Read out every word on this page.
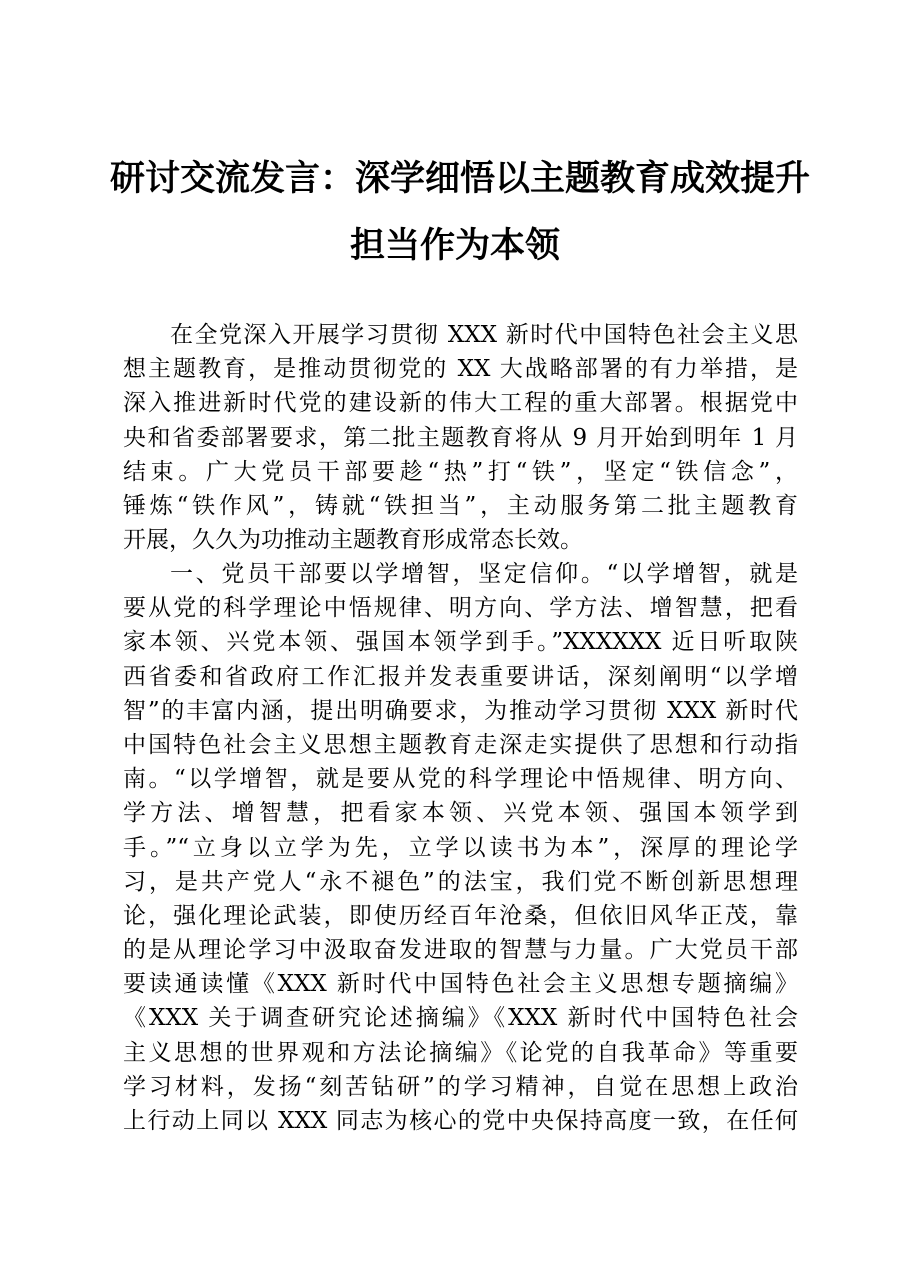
研讨交流发言：深学细悟以主题教育成效提升
担当作为本领
在全党深入开展学习贯彻 XXX 新时代中国特色社会主义思
想主题教育，是推动贯彻党的 XX 大战略部署的有力举措，是
深入推进新时代党的建设新的伟大工程的重大部署。根据党中
央和省委部署要求，第二批主题教育将从 9 月开始到明年 1 月
结束。广大党员干部要趁“热”打“铁”，坚定“铁信念”，
锤炼“铁作风”，铸就“铁担当”，主动服务第二批主题教育
开展，久久为功推动主题教育形成常态长效。
一、党员干部要以学增智，坚定信仰。“以学增智，就是
要从党的科学理论中悟规律、明方向、学方法、增智慧，把看
家本领、兴党本领、强国本领学到手。”XXXXXX 近日听取陕
西省委和省政府工作汇报并发表重要讲话，深刻阐明“以学增
智”的丰富内涵，提出明确要求，为推动学习贯彻 XXX 新时代
中国特色社会主义思想主题教育走深走实提供了思想和行动指
南。“以学增智，就是要从党的科学理论中悟规律、明方向、
学方法、增智慧，把看家本领、兴党本领、强国本领学到
手。”“立身以立学为先，立学以读书为本”，深厚的理论学
习，是共产党人“永不褪色”的法宝，我们党不断创新思想理
论，强化理论武装，即使历经百年沧桑，但依旧风华正茂，靠
的是从理论学习中汲取奋发进取的智慧与力量。广大党员干部
要读通读懂《XXX 新时代中国特色社会主义思想专题摘编》
《XXX 关于调查研究论述摘编》《XXX 新时代中国特色社会
主义思想的世界观和方法论摘编》《论党的自我革命》等重要
学习材料，发扬“刻苦钻研”的学习精神，自觉在思想上政治
上行动上同以 XXX 同志为核心的党中央保持高度一致，在任何
